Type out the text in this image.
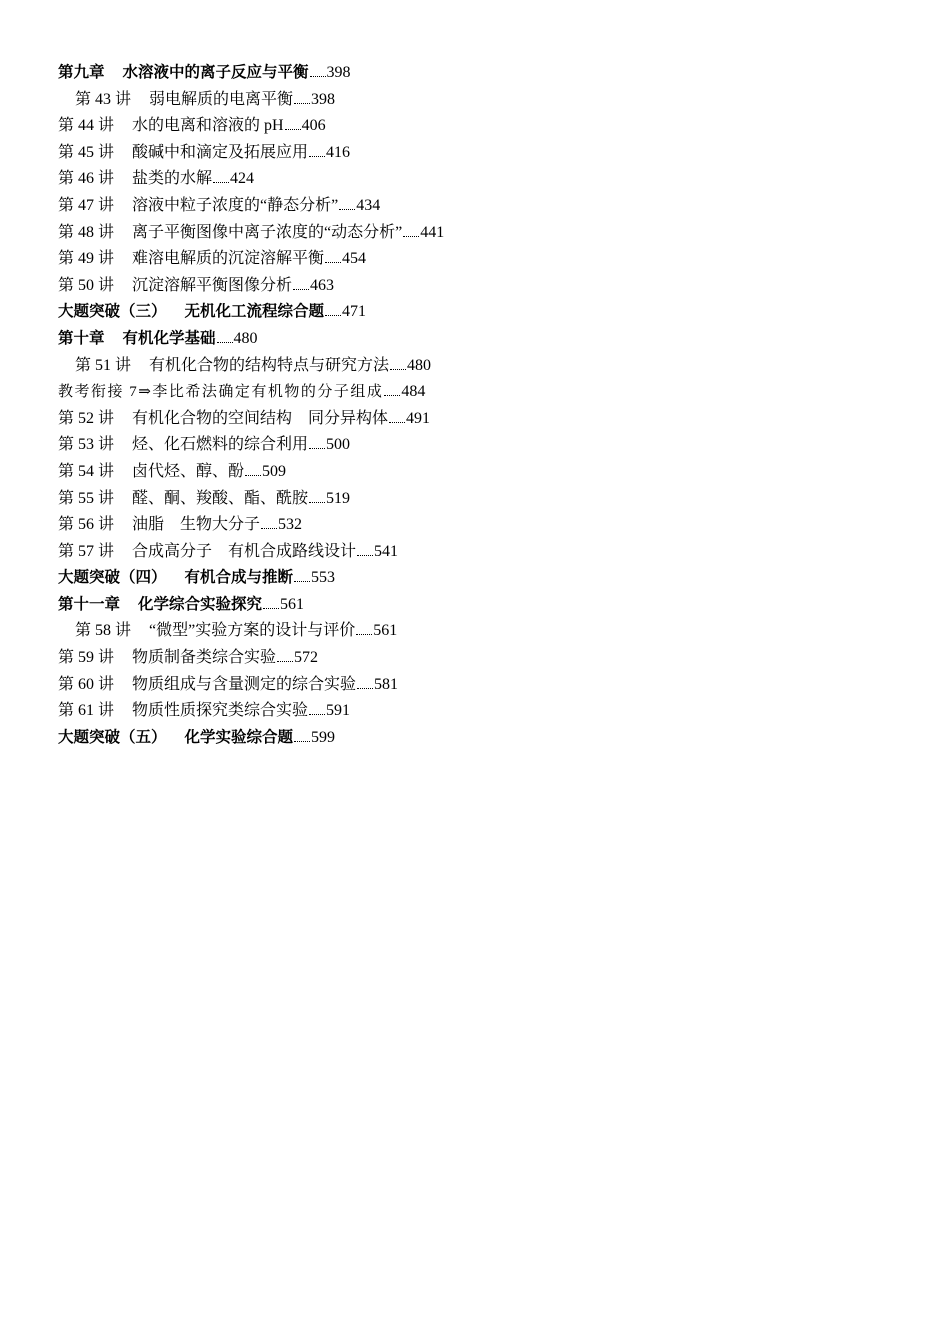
第九章 水溶液中的离子反应与平衡 398
第 43 讲 弱电解质的电离平衡 398
第 44 讲 水的电离和溶液的 pH 406
第 45 讲 酸碱中和滴定及拓展应用 416
第 46 讲 盐类的水解 424
第 47 讲 溶液中粒子浓度的“静态分析” 434
第 48 讲 离子平衡图像中离子浓度的“动态分析” 441
第 49 讲 难溶电解质的沉淀溶解平衡 454
第 50 讲 沉淀溶解平衡图像分析 463
大题突破（三） 无机化工流程综合题 471
第十章 有机化学基础 480
第 51 讲 有机化合物的结构特点与研究方法 480
教考衔接 7⇒李比希法确定有机物的分子组成 484
第 52 讲 有机化合物的空间结构　同分异构体 491
第 53 讲 烃、化石燃料的综合利用 500
第 54 讲 卤代烃、醇、酚 509
第 55 讲 醛、酮、羧酸、酯、酰胺 519
第 56 讲 油脂　生物大分子 532
第 57 讲 合成高分子　有机合成路线设计 541
大题突破（四） 有机合成与推断 553
第十一章 化学综合实验探究 561
第 58 讲 “微型”实验方案的设计与评价 561
第 59 讲 物质制备类综合实验 572
第 60 讲 物质组成与含量测定的综合实验 581
第 61 讲 物质性质探究类综合实验 591
大题突破（五） 化学实验综合题 599
